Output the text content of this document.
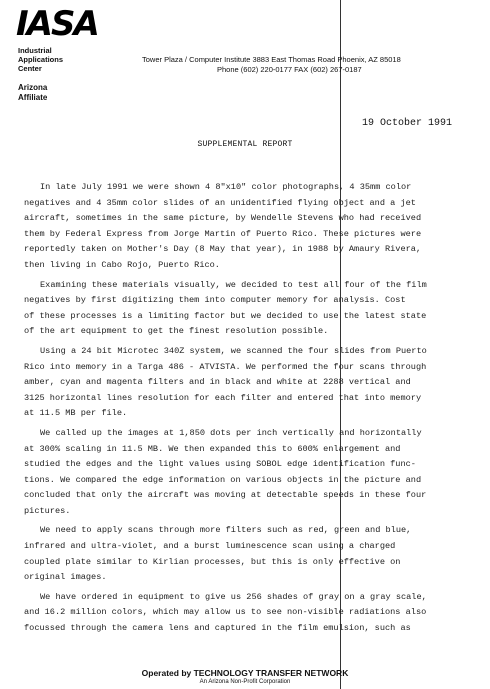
IASA
Industrial
Applications
Center
Arizona
Affiliate
Tower Plaza / Computer Institute 3883 East Thomas Road Phoenix, AZ 85018
Phone (602) 220-0177 FAX (602) 267-0187
19 October 1991
SUPPLEMENTAL REPORT
In late July 1991 we were shown 4 8"x10" color photographs, 4 35mm color
negatives and 4 35mm color slides of an unidentified flying object and a jet
aircraft, sometimes in the same picture, by Wendelle Stevens who had received
them by Federal Express from Jorge Martin of Puerto Rico. These pictures were
reportedly taken on Mother's Day (8 May that year), in 1988 by Amaury Rivera,
then living in Cabo Rojo, Puerto Rico.
Examining these materials visually, we decided to test all four of the film
negatives by first digitizing them into computer memory for analysis. Cost
of these processes is a limiting factor but we decided to use the latest state
of the art equipment to get the finest resolution possible.
Using a 24 bit Microtec 340Z system, we scanned the four slides from Puerto
Rico into memory in a Targa 486 - ATVISTA. We performed the four scans through
amber, cyan and magenta filters and in black and white at 2288 vertical and
3125 horizontal lines resolution for each filter and entered that into memory
at 11.5 MB per file.
We called up the images at 1,850 dots per inch vertically and horizontally
at 300% scaling in 11.5 MB. We then expanded this to 600% enlargement and
studied the edges and the light values using SOBOL edge identification func-
tions. We compared the edge information on various objects in the picture and
concluded that only the aircraft was moving at detectable speeds in these four
pictures.
We need to apply scans through more filters such as red, green and blue,
infrared and ultra-violet, and a burst luminescence scan using a charged
coupled plate similar to Kirlian processes, but this is only effective on
original images.
We have ordered in equipment to give us 256 shades of gray on a gray scale,
and 16.2 million colors, which may allow us to see non-visible radiations also
focussed through the camera lens and captured in the film emulsion, such as
Operated by TECHNOLOGY TRANSFER NETWORK
An Arizona Non-Profit Corporation
